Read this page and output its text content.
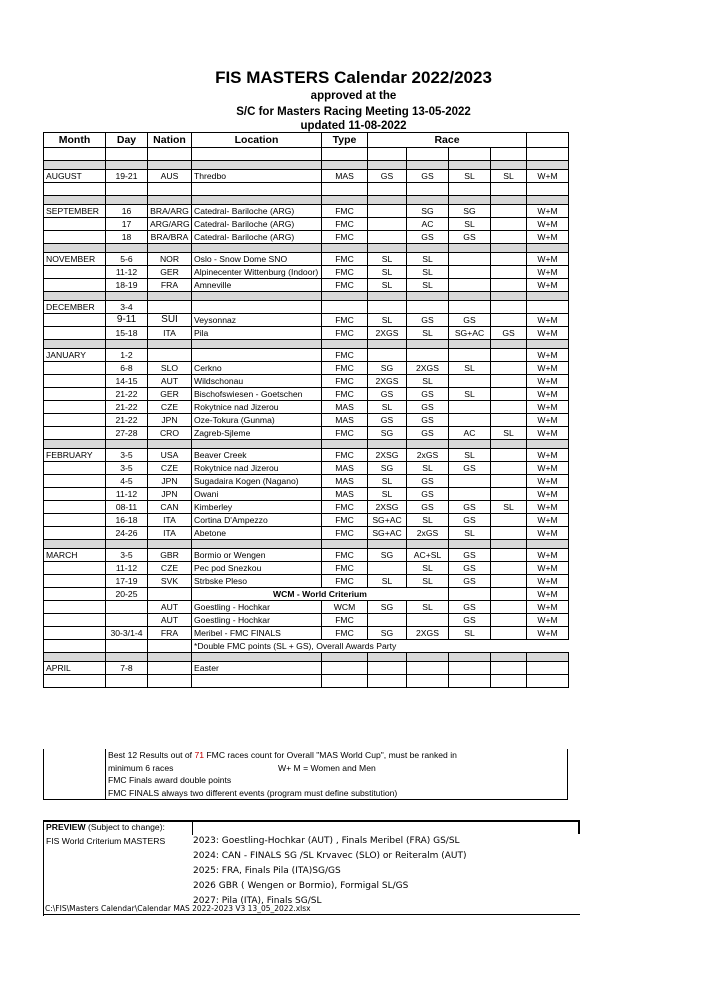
FIS MASTERS Calendar 2022/2023
approved at the
S/C for Masters Racing Meeting 13-05-2022
updated 11-08-2022
Month	Day	Nation	Location	Type	Race				

AUGUST	19-21	AUS	Thredbo	MAS	GS	GS	SL	SL	W+M

SEPTEMBER	16	BRA/ARG	Catedral- Bariloche (ARG)	FMC		SG	SG		W+M
	17	ARG/ARG	Catedral- Bariloche (ARG)	FMC		AC	SL		W+M
	18	BRA/BRA	Catedral- Bariloche (ARG)	FMC		GS	GS		W+M

NOVEMBER	5-6	NOR	Oslo - Snow Dome SNO	FMC	SL	SL			W+M
	11-12	GER	Alpinecenter Wittenburg (Indoor)	FMC	SL	SL			W+M
	18-19	FRA	Amneville	FMC	SL	SL			W+M

DECEMBER	3-4								
	9-11	SUI	Veysonnaz	FMC	SL	GS	GS		W+M
	15-18	ITA	Pila	FMC	2XGS	SL	SG+AC	GS	W+M

JANUARY	1-2			FMC					W+M
	6-8	SLO	Cerkno	FMC	SG	2XGS	SL		W+M
	14-15	AUT	Wildschonau	FMC	2XGS	SL			W+M
	21-22	GER	Bischofswiesen - Goetschen	FMC	GS	GS	SL		W+M
	21-22	CZE	Rokytnice nad Jizerou	MAS	SL	GS			W+M
	21-22	JPN	Oze-Tokura (Gunma)	MAS	GS	GS			W+M
	27-28	CRO	Zagreb-Sjleme	FMC	SG	GS	AC	SL	W+M

FEBRUARY	3-5	USA	Beaver Creek	FMC	2XSG	2xGS	SL		W+M
	3-5	CZE	Rokytnice nad Jizerou	MAS	SG	SL	GS		W+M
	4-5	JPN	Sugadaira Kogen (Nagano)	MAS	SL	GS			W+M
	11-12	JPN	Owani	MAS	SL	GS			W+M
	08-11	CAN	Kimberley	FMC	2XSG	GS	GS	SL	W+M
	16-18	ITA	Cortina D'Ampezzo	FMC	SG+AC	SL	GS		W+M
	24-26	ITA	Abetone	FMC	SG+AC	2xGS	SL		W+M

MARCH	3-5	GBR	Bormio or Wengen	FMC	SG	AC+SL	GS		W+M
	11-12	CZE	Pec pod Snezkou	FMC		SL	GS		W+M
	17-19	SVK	Strbske Pleso	FMC	SL	SL	GS		W+M
	20-25		WCM - World Criterium						W+M
		AUT	Goestling - Hochkar	WCM	SG	SL	GS		W+M
		AUT	Goestling - Hochkar	FMC			GS		W+M
	30-3/1-4	FRA	Meribel - FMC FINALS	FMC	SG	2XGS	SL		W+M
			*Double FMC points (SL + GS), Overall Awards Party						

APRIL	7-8		Easter						

	Best 12 Results out of 71 FMC races count for Overall "MAS World Cup", must be ranked in
minimum 6 races	W+ M = Women and Men
FMC Finals award double points
FMC FINALS always two different events (program must define substitution)
PREVIEW (Subject to change):
FIS World Criterium MASTERS	2023: Goestling-Hochkar (AUT) , Finals Meribel (FRA) GS/SL
2024: CAN - FINALS SG /SL Krvavec (SLO) or Reiteralm (AUT)
2025: FRA, Finals Pila (ITA)SG/GS
2026 GBR ( Wengen or Bormio), Formigal SL/GS
2027: Pila (ITA), Finals SG/SL
C:\FIS\Masters Calendar\Calendar MAS 2022-2023 V3 13_05_2022.xlsx
